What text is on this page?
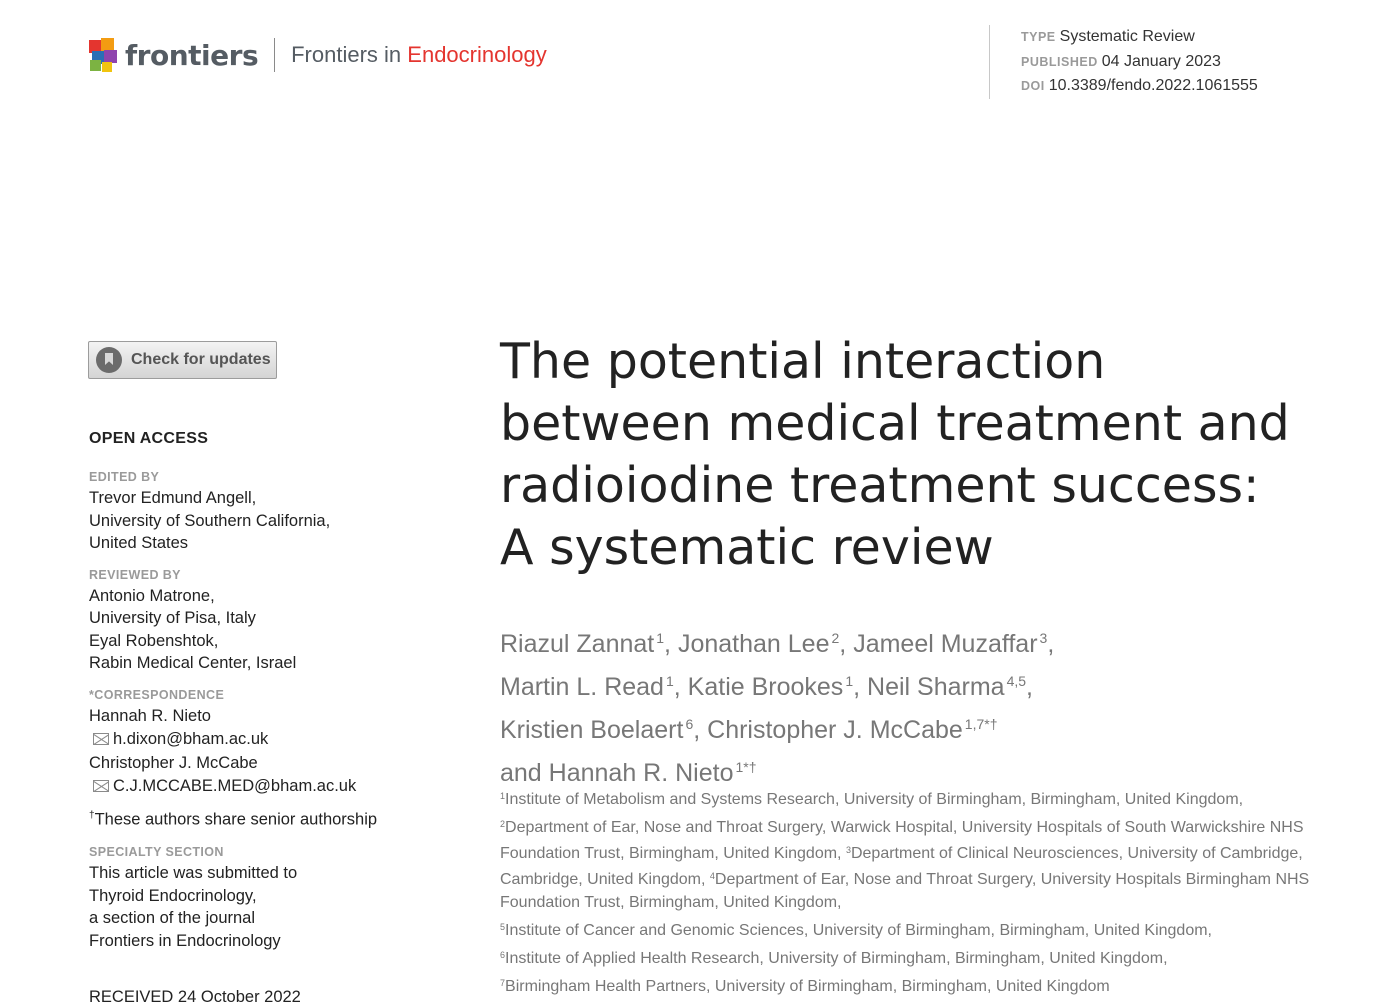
frontiers Frontiers in Endocrinology
TYPE Systematic Review
PUBLISHED 04 January 2023
DOI 10.3389/fendo.2022.1061555
Check for updates
OPEN ACCESS
EDITED BY
Trevor Edmund Angell,
University of Southern California,
United States
REVIEWED BY
Antonio Matrone,
University of Pisa, Italy
Eyal Robenshtok,
Rabin Medical Center, Israel
*CORRESPONDENCE
Hannah R. Nieto
h.dixon@bham.ac.uk
Christopher J. McCabe
C.J.MCCABE.MED@bham.ac.uk
†These authors share senior authorship
SPECIALTY SECTION
This article was submitted to
Thyroid Endocrinology,
a section of the journal
Frontiers in Endocrinology
RECEIVED 24 October 2022
The potential interaction
between medical treatment and
radioiodine treatment success:
A systematic review
Riazul Zannat $^1$, Jonathan Lee $^2$, Jameel Muzaffar $^3$,
Martin L. Read $^1$, Katie Brookes $^1$, Neil Sharma $^{4,5}$,
Kristien Boelaert $^6$, Christopher J. McCabe $^{1,7*\dagger}$
and Hannah R. Nieto $^{1*\dagger}$

$^1$Institute of Metabolism and Systems Research, University of Birmingham, Birmingham, United Kingdom,

$^2$Department of Ear, Nose and Throat Surgery, Warwick Hospital, University Hospitals of South Warwickshire NHS Foundation Trust, Birmingham, United Kingdom, $^3$Department of Clinical Neurosciences, University of Cambridge, Cambridge, United Kingdom, $^4$Department of Ear, Nose and Throat Surgery, University Hospitals Birmingham NHS Foundation Trust, Birmingham, United Kingdom,

$^5$Institute of Cancer and Genomic Sciences, University of Birmingham, Birmingham, United Kingdom,

$^6$Institute of Applied Health Research, University of Birmingham, Birmingham, United Kingdom,

$^7$Birmingham Health Partners, University of Birmingham, Birmingham, United Kingdom
